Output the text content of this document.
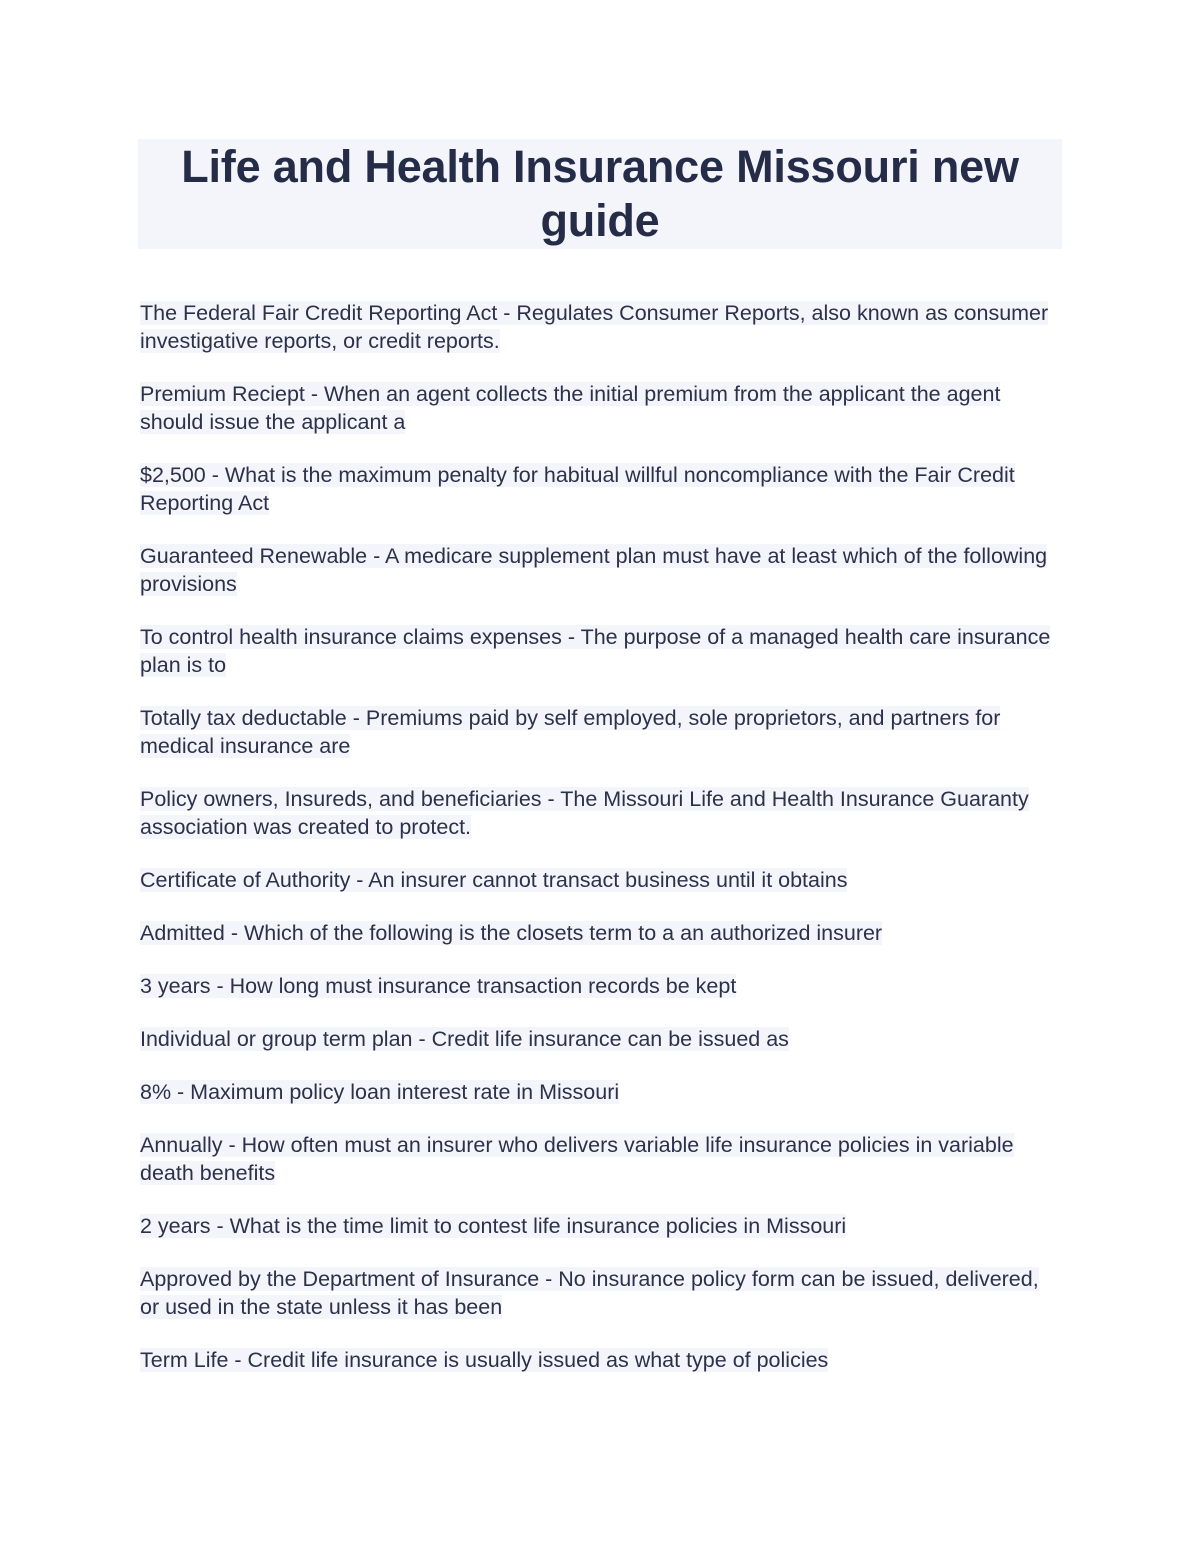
Life and Health Insurance Missouri new guide
The Federal Fair Credit Reporting Act - Regulates Consumer Reports, also known as consumer investigative reports, or credit reports.
Premium Reciept - When an agent collects the initial premium from the applicant the agent should issue the applicant a
$2,500 - What is the maximum penalty for habitual willful noncompliance with the Fair Credit Reporting Act
Guaranteed Renewable - A medicare supplement plan must have at least which of the following provisions
To control health insurance claims expenses - The purpose of a managed health care insurance plan is to
Totally tax deductable - Premiums paid by self employed, sole proprietors, and partners for medical insurance are
Policy owners, Insureds, and beneficiaries - The Missouri Life and Health Insurance Guaranty association was created to protect.
Certificate of Authority - An insurer cannot transact business until it obtains
Admitted - Which of the following is the closets term to a an authorized insurer
3 years - How long must insurance transaction records be kept
Individual or group term plan - Credit life insurance can be issued as
8% - Maximum policy loan interest rate in Missouri
Annually - How often must an insurer who delivers variable life insurance policies in variable death benefits
2 years - What is the time limit to contest life insurance policies in Missouri
Approved by the Department of Insurance - No insurance policy form can be issued, delivered, or used in the state unless it has been
Term Life - Credit life insurance is usually issued as what type of policies
